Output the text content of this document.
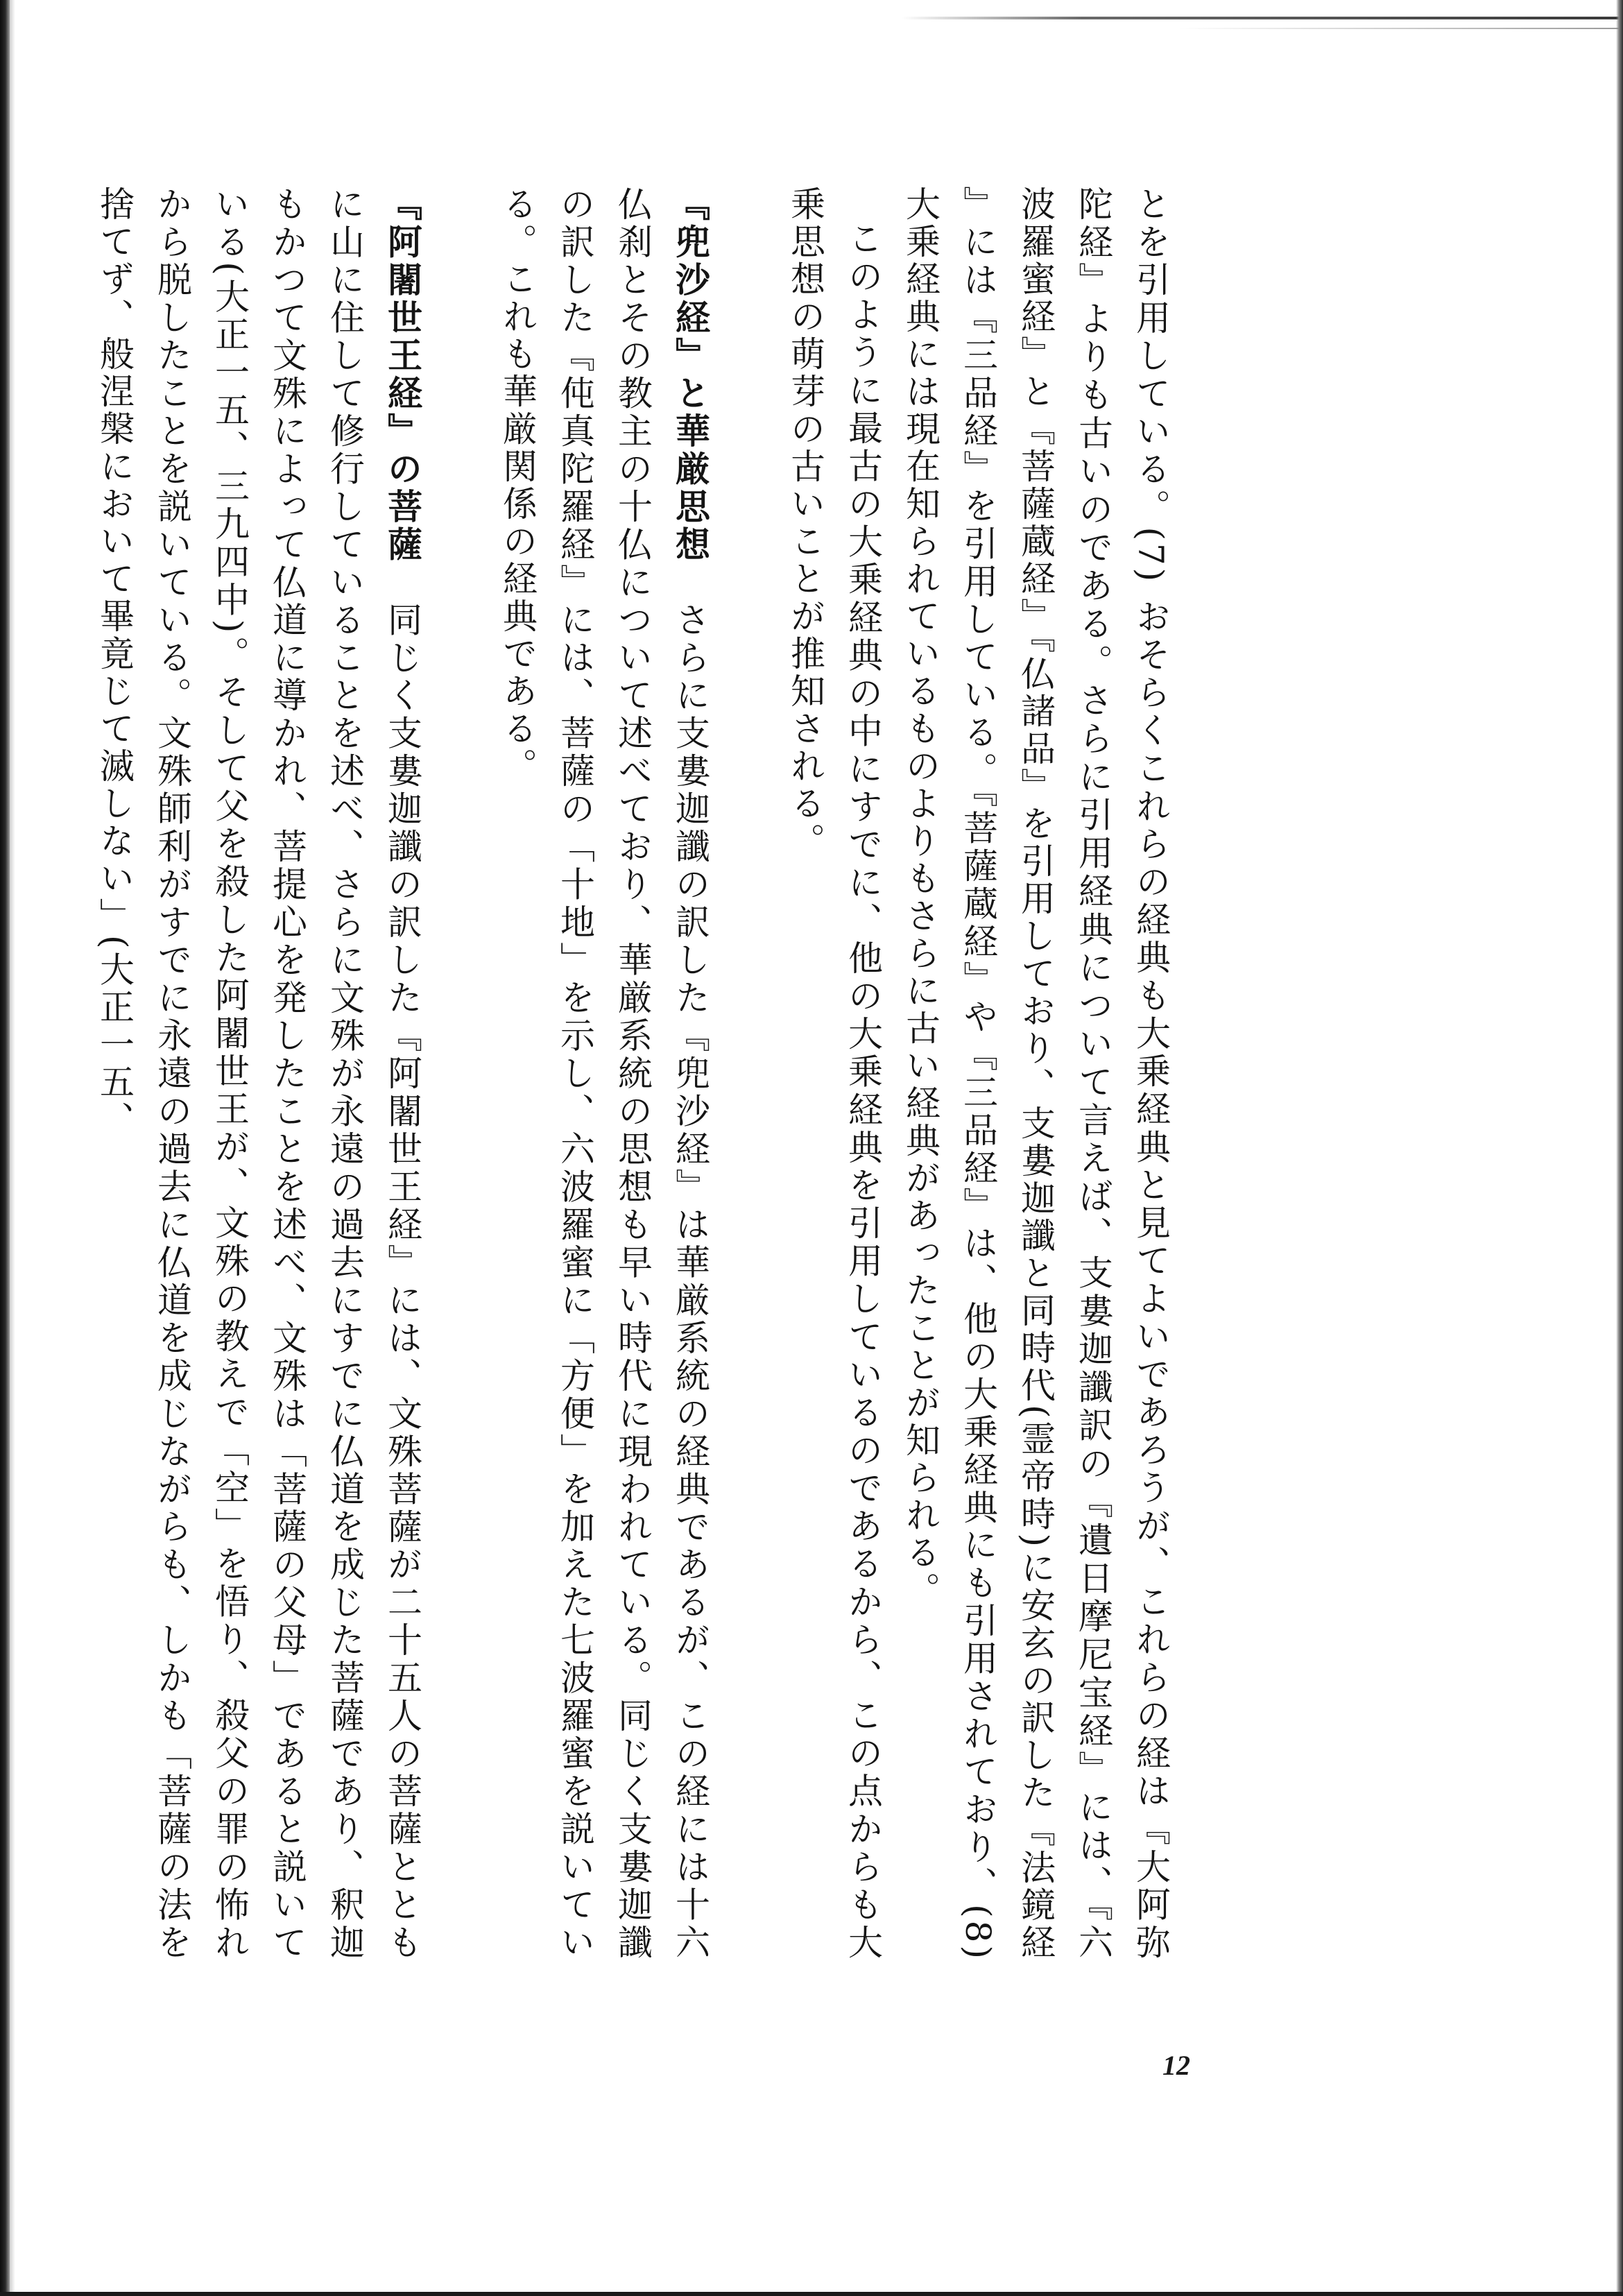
とを引用している。(7) おそらくこれらの経典も大乗経典と見てよいであろうが、これらの経は『大阿弥陀経』よりも古いのである。さらに引用経典について言えば、支婁迦讖訳の『遺日摩尼宝経』には、『六波羅蜜経』と『菩薩蔵経』『仏諸品』を引用しており、支婁迦讖と同時代(霊帝時)に安玄の訳した『法鏡経』には『三品経』を引用している。『菩薩蔵経』や『三品経』は、他の大乗経典にも引用されており、(8) 大乗経典には現在知られているものよりもさらに古い経典があったことが知られる。

このように最古の大乗経典の中にすでに、他の大乗経典を引用しているのであるから、この点からも大乗思想の萌芽の古いことが推知される。

『兜沙経』と華厳思想　さらに支婁迦讖の訳した『兜沙経』は華厳系統の経典であるが、この経には十六仏刹とその教主の十仏について述べており、華厳系統の思想も早い時代に現われている。同じく支婁迦讖の訳した『伅真陀羅経』には、菩薩の「十地」を示し、六波羅蜜に「方便」を加えた七波羅蜜を説いている。これも華厳関係の経典である。

『阿闍世王経』の菩薩　同じく支婁迦讖の訳した『阿闍世王経』には、文殊菩薩が二十五人の菩薩とともに山に住して修行していることを述べ、さらに文殊が永遠の過去にすでに仏道を成じた菩薩であり、釈迦もかつて文殊によって仏道に導かれ、菩提心を発したことを述べ、文殊は「菩薩の父母」であると説いている(大正一五、三九四中)。そして父を殺した阿闍世王が、文殊の教えで「空」を悟り、殺父の罪の怖れから脱したことを説いている。文殊師利がすでに永遠の過去に仏道を成じながらも、しかも「菩薩の法を捨てず、般涅槃において畢竟じて滅しない」(大正一五、

12
